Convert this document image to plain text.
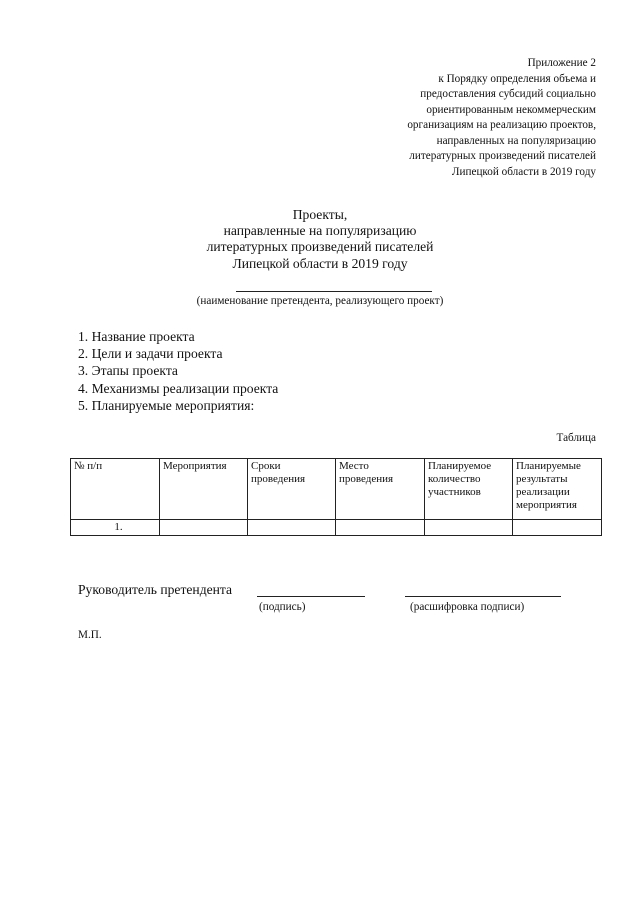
Приложение 2
к Порядку определения объема и
предоставления субсидий социально
ориентированным некоммерческим
организациям на реализацию проектов,
направленных на популяризацию
литературных произведений писателей
Липецкой области в 2019 году
Проекты,
направленные на популяризацию
литературных произведений писателей
Липецкой области в 2019 году
(наименование претендента, реализующего проект)
1. Название проекта
2. Цели и задачи проекта
3. Этапы проекта
4. Механизмы реализации проекта
5. Планируемые мероприятия:
Таблица
№ п/п	Мероприятия	Сроки проведения	Место проведения	Планируемое количество участников	Планируемые результаты реализации мероприятия
1.					
Руководитель претендента
(подпись)	(расшифровка подписи)
М.П.
